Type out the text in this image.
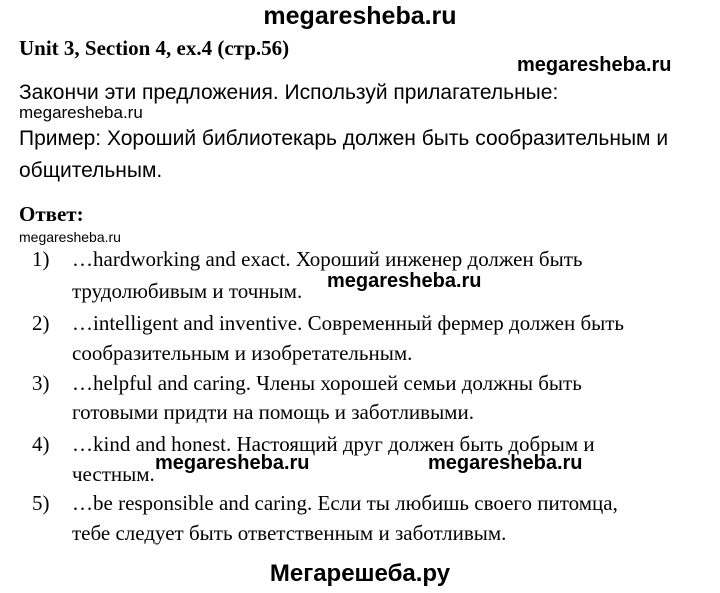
megaresheba.ru
Unit 3, Section 4, ex.4 (стр.56)
megaresheba.ru
Закончи эти предложения. Используй прилагательные:
megaresheba.ru
Пример: Хороший библиотекарь должен быть сообразительным и
общительным.
Ответ:
megaresheba.ru
1) …hardworking and exact. Хороший инженер должен быть
трудолюбивым и точным.
2) …intelligent and inventive. Современный фермер должен быть
сообразительным и изобретательным.
3) …helpful and caring. Члены хорошей семьи должны быть
готовыми придти на помощь и заботливыми.
4) …kind and honest. Настоящий друг должен быть добрым и
честным.
5) …be responsible and caring. Если ты любишь своего питомца,
тебе следует быть ответственным и заботливым.
megaresheba.ru
megaresheba.ru	megaresheba.ru
Мегарешеба.ру
